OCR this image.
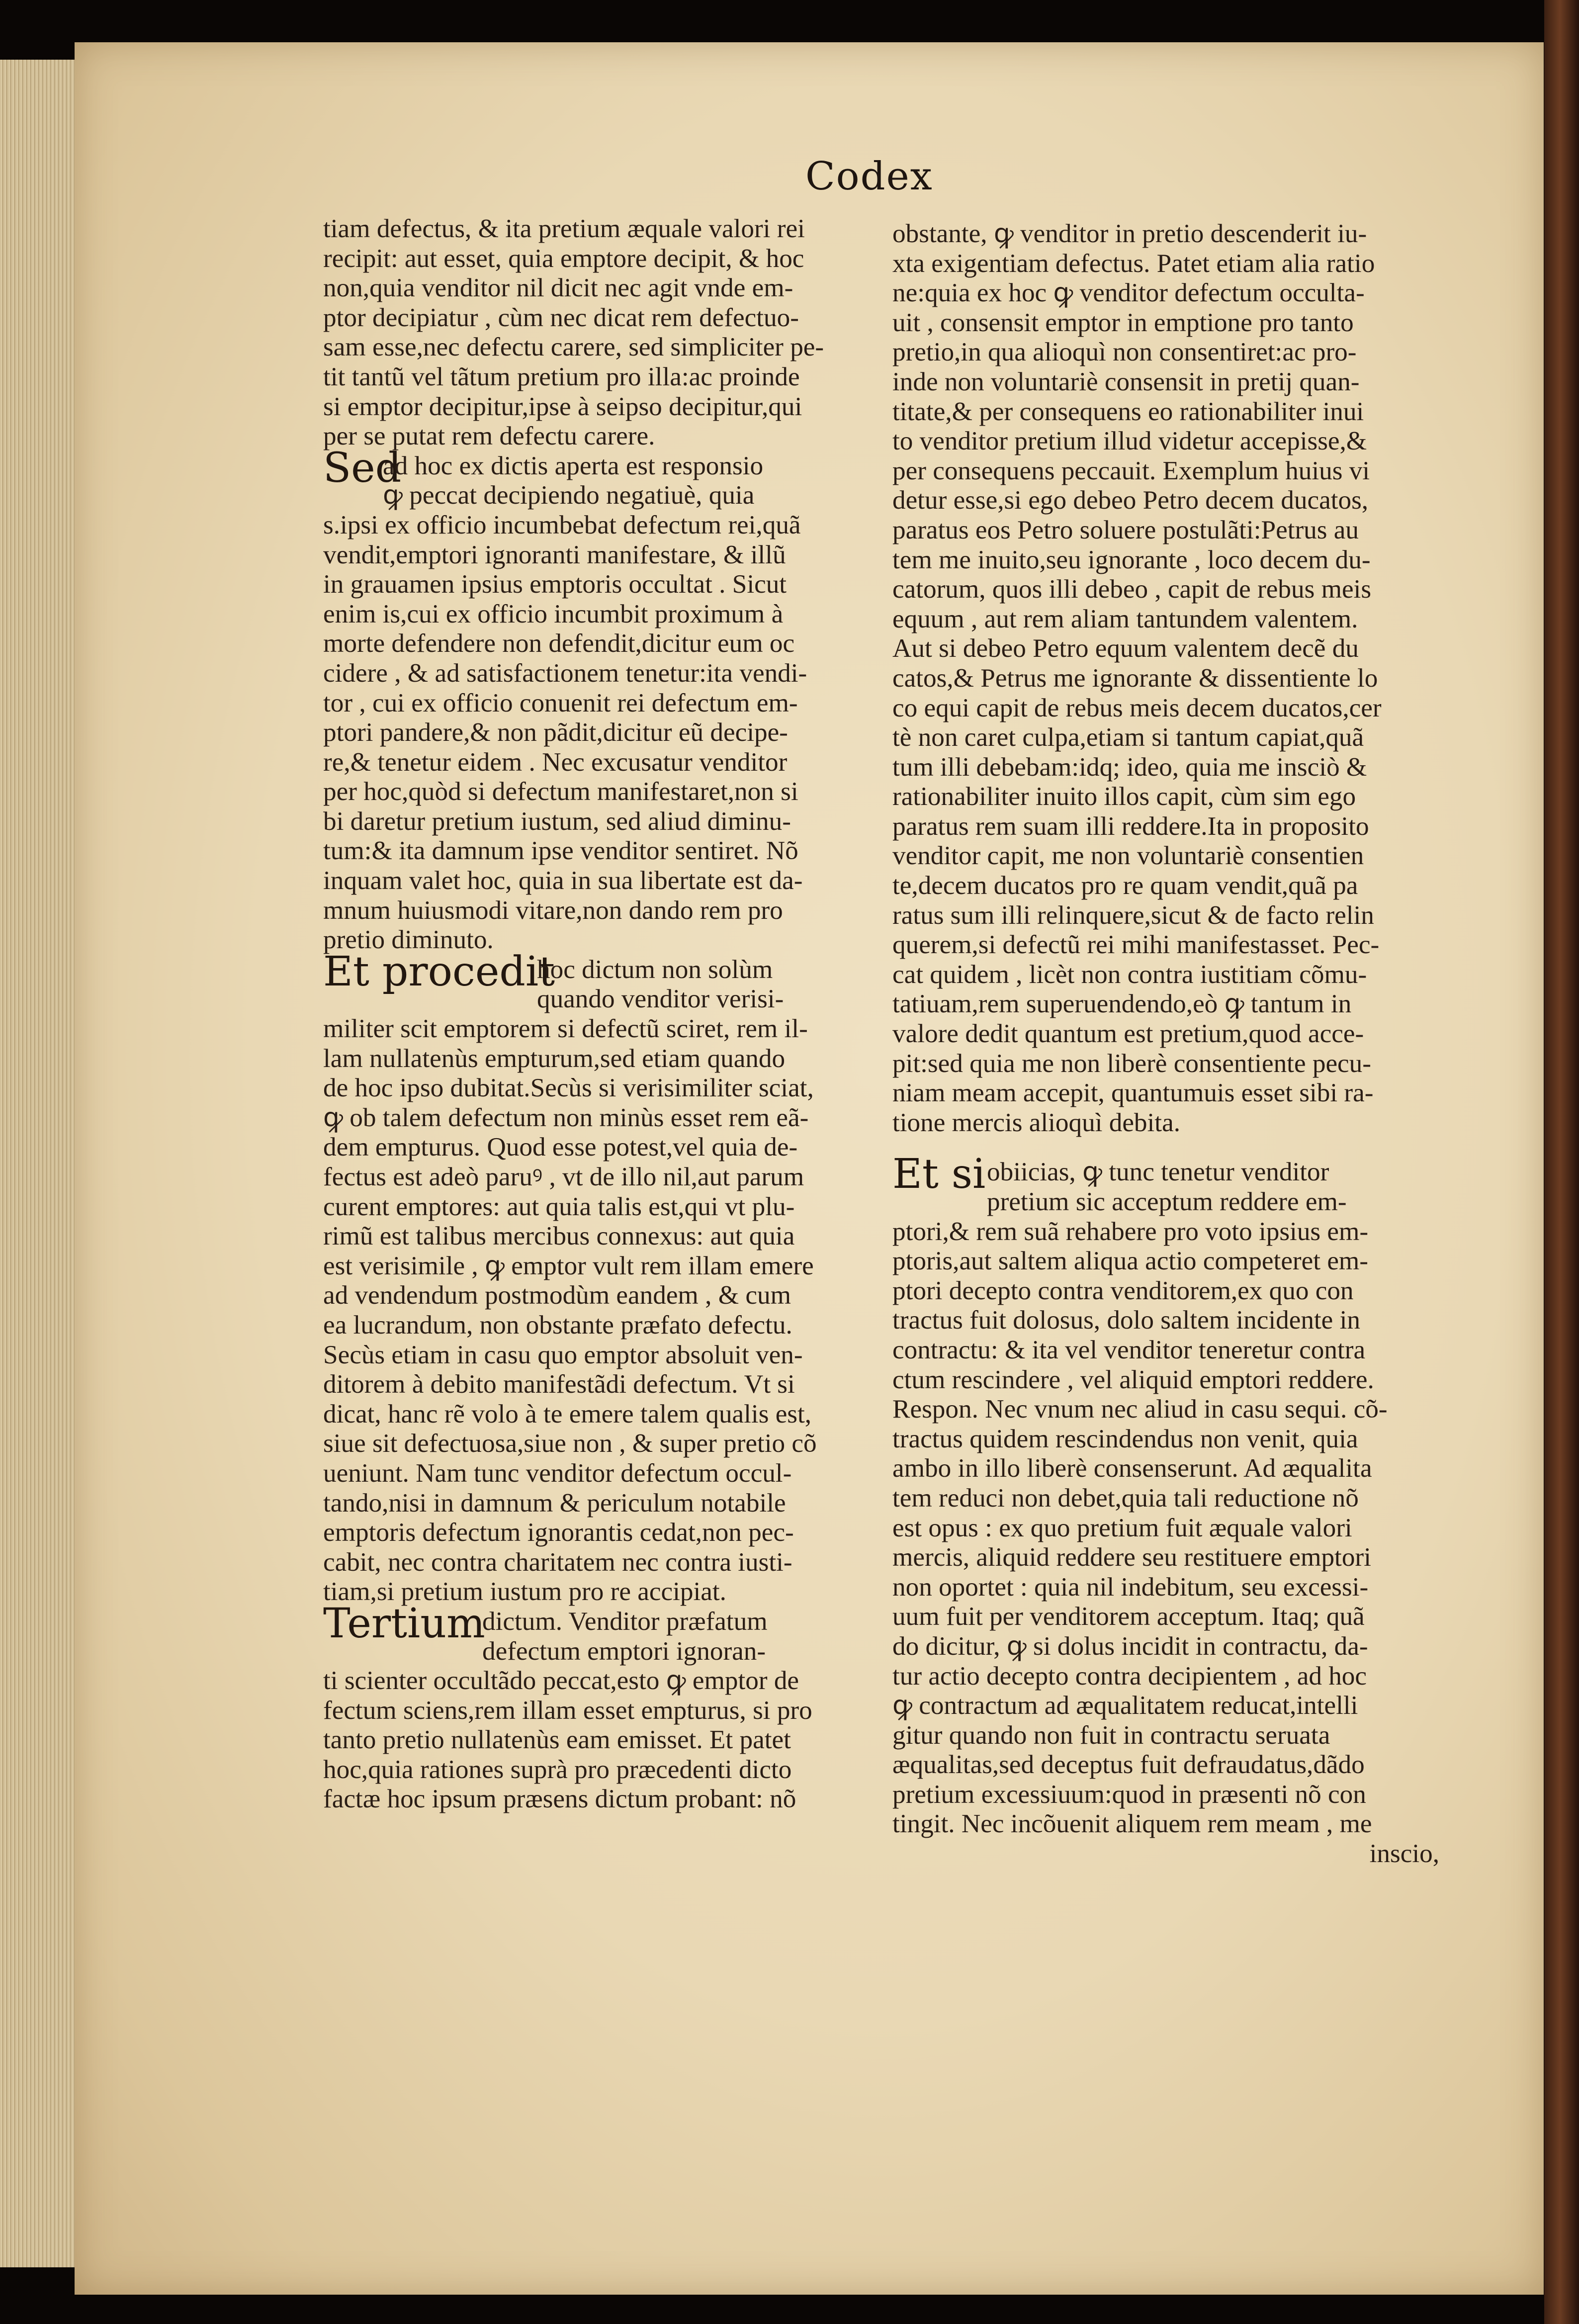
Codex
tiam defectus, & ita pretium æquale valori rei
recipit: aut esset, quia emptore decipit, & hoc
non,quia venditor nil dicit nec agit vnde em-
ptor decipiatur , cùm nec dicat rem defectuo-
sam esse,nec defectu carere, sed simpliciter pe-
tit tantũ vel tãtum pretium pro illa:ac proinde
si emptor decipitur,ipse à seipso decipitur,qui
per se putat rem defectu carere.
Sed
ad hoc ex dictis aperta est responsio
ꝙ peccat decipiendo negatiuè, quia
s.ipsi ex officio incumbebat defectum rei,quã
vendit,emptori ignoranti manifestare, & illũ
in grauamen ipsius emptoris occultat . Sicut
enim is,cui ex officio incumbit proximum à
morte defendere non defendit,dicitur eum oc
cidere , & ad satisfactionem tenetur:ita vendi-
tor , cui ex officio conuenit rei defectum em-
ptori pandere,& non pãdit,dicitur eũ decipe-
re,& tenetur eidem . Nec excusatur venditor
per hoc,quòd si defectum manifestaret,non si
bi daretur pretium iustum, sed aliud diminu-
tum:& ita damnum ipse venditor sentiret. Nõ
inquam valet hoc, quia in sua libertate est da-
mnum huiusmodi vitare,non dando rem pro
pretio diminuto.
Et procedit
hoc dictum non solùm
quando venditor verisi-
militer scit emptorem si defectũ sciret, rem il-
lam nullatenùs empturum,sed etiam quando
de hoc ipso dubitat.Secùs si verisimiliter sciat,
ꝙ ob talem defectum non minùs esset rem eã-
dem empturus. Quod esse potest,vel quia de-
fectus est adeò paruꝰ , vt de illo nil,aut parum
curent emptores: aut quia talis est,qui vt plu-
rimũ est talibus mercibus connexus: aut quia
est verisimile , ꝙ emptor vult rem illam emere
ad vendendum postmodùm eandem , & cum
ea lucrandum, non obstante præfato defectu.
Secùs etiam in casu quo emptor absoluit ven-
ditorem à debito manifestãdi defectum. Vt si
dicat, hanc rẽ volo à te emere talem qualis est,
siue sit defectuosa,siue non , & super pretio cõ
ueniunt. Nam tunc venditor defectum occul-
tando,nisi in damnum & periculum notabile
emptoris defectum ignorantis cedat,non pec-
cabit, nec contra charitatem nec contra iusti-
tiam,si pretium iustum pro re accipiat.
Tertium
dictum. Venditor præfatum
defectum emptori ignoran-
ti scienter occultãdo peccat,esto ꝙ emptor de
fectum sciens,rem illam esset empturus, si pro
tanto pretio nullatenùs eam emisset. Et patet
hoc,quia rationes suprà pro præcedenti dicto
factæ hoc ipsum præsens dictum probant: nõ
obstante, ꝙ venditor in pretio descenderit iu-
xta exigentiam defectus. Patet etiam alia ratio
ne:quia ex hoc ꝙ venditor defectum occulta-
uit , consensit emptor in emptione pro tanto
pretio,in qua alioquì non consentiret:ac pro-
inde non voluntariè consensit in pretij quan-
titate,& per consequens eo rationabiliter inui
to venditor pretium illud videtur accepisse,&
per consequens peccauit. Exemplum huius vi
detur esse,si ego debeo Petro decem ducatos,
paratus eos Petro soluere postulãti:Petrus au
tem me inuito,seu ignorante , loco decem du-
catorum, quos illi debeo , capit de rebus meis
equum , aut rem aliam tantundem valentem.
Aut si debeo Petro equum valentem decẽ du
catos,& Petrus me ignorante & dissentiente lo
co equi capit de rebus meis decem ducatos,cer
tè non caret culpa,etiam si tantum capiat,quã
tum illi debebam:idq; ideo, quia me insciò &
rationabiliter inuito illos capit, cùm sim ego
paratus rem suam illi reddere.Ita in proposito
venditor capit, me non voluntariè consentien
te,decem ducatos pro re quam vendit,quã pa
ratus sum illi relinquere,sicut & de facto relin
querem,si defectũ rei mihi manifestasset. Pec-
cat quidem , licèt non contra iustitiam cõmu-
tatiuam,rem superuendendo,eò ꝙ tantum in
valore dedit quantum est pretium,quod acce-
pit:sed quia me non liberè consentiente pecu-
niam meam accepit, quantumuis esset sibi ra-
tione mercis alioquì debita.
Et si obiicias, ꝙ tunc tenetur venditor
pretium sic acceptum reddere em-
ptori,& rem suã rehabere pro voto ipsius em-
ptoris,aut saltem aliqua actio competeret em-
ptori decepto contra venditorem,ex quo con
tractus fuit dolosus, dolo saltem incidente in
contractu: & ita vel venditor teneretur contra
ctum rescindere , vel aliquid emptori reddere.
Respon. Nec vnum nec aliud in casu sequi. cõ-
tractus quidem rescindendus non venit, quia
ambo in illo liberè consenserunt. Ad æqualita
tem reduci non debet,quia tali reductione nõ
est opus : ex quo pretium fuit æquale valori
mercis, aliquid reddere seu restituere emptori
non oportet : quia nil indebitum, seu excessi-
uum fuit per venditorem acceptum. Itaq; quã
do dicitur, ꝙ si dolus incidit in contractu, da-
tur actio decepto contra decipientem , ad hoc
ꝙ contractum ad æqualitatem reducat,intelli
gitur quando non fuit in contractu seruata
æqualitas,sed deceptus fuit defraudatus,dãdo
pretium excessiuum:quod in præsenti nõ con
tingit. Nec incõuenit aliquem rem meam , me
inscio,
